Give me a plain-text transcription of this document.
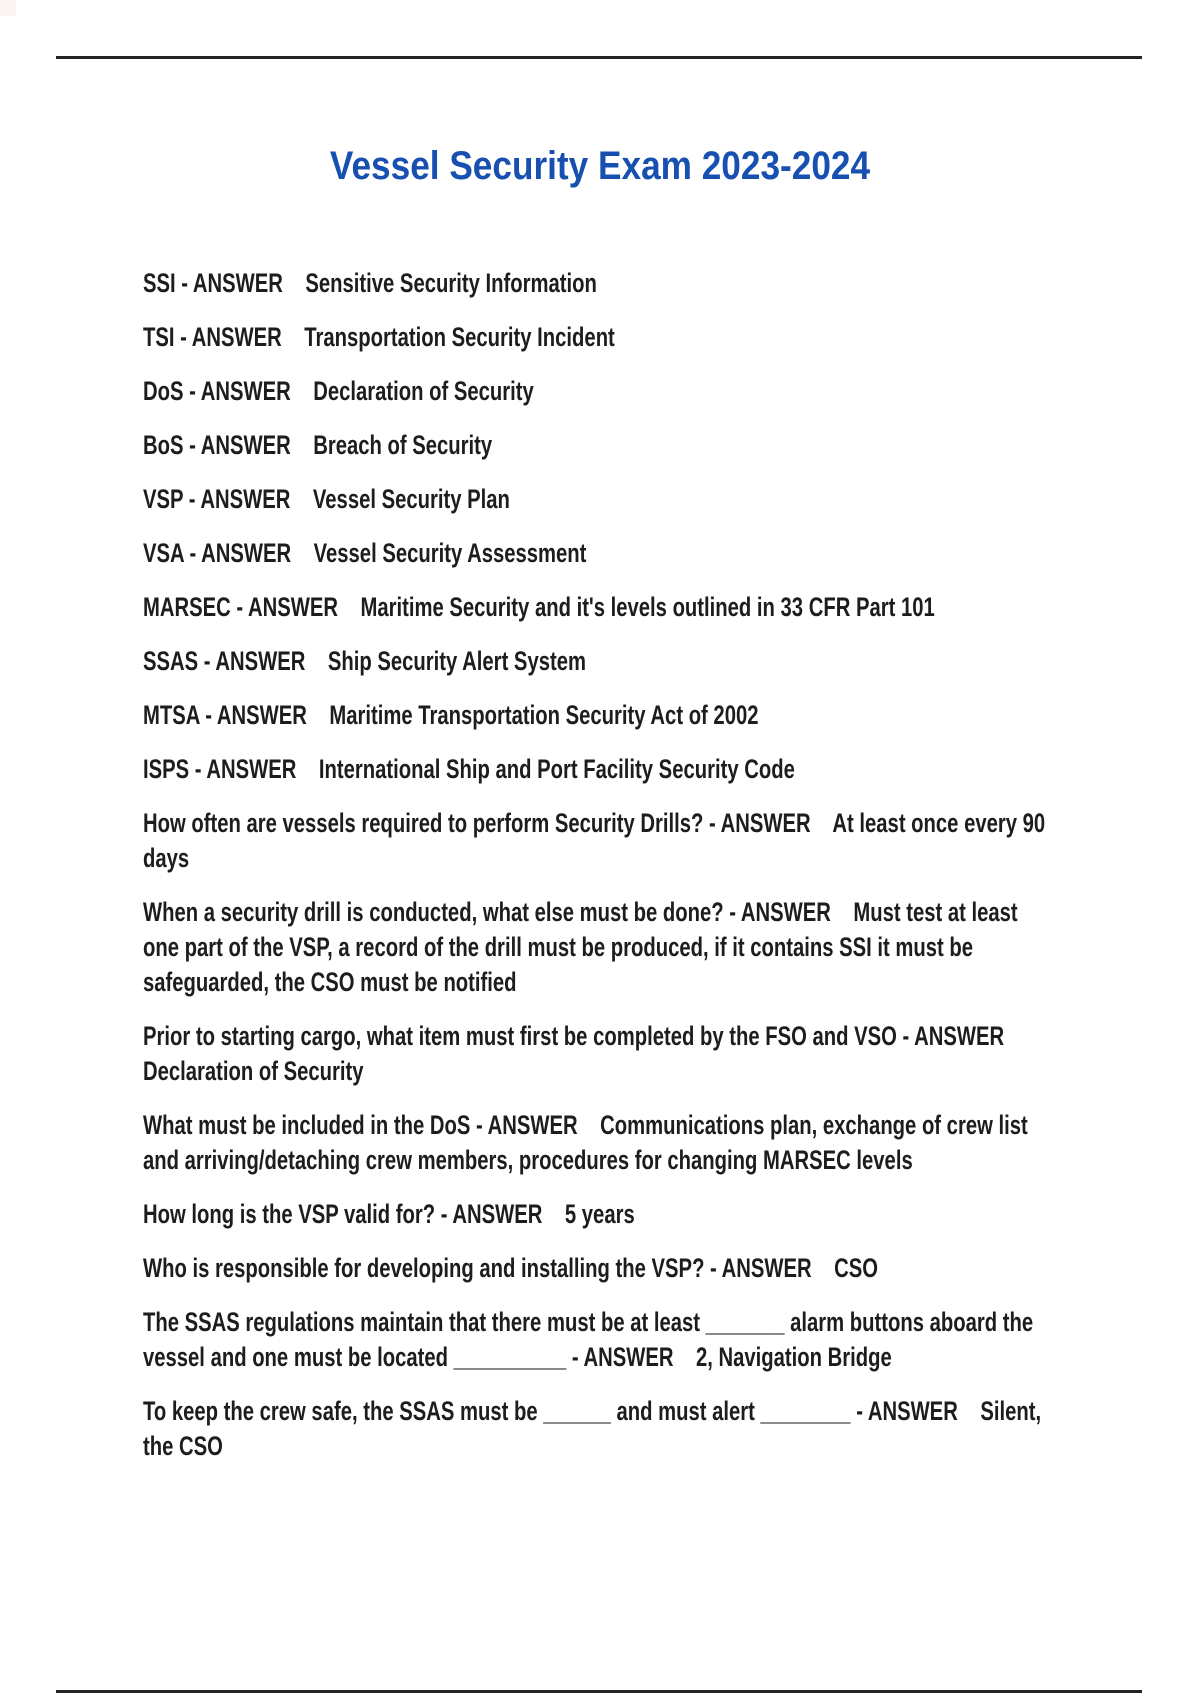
Vessel Security Exam 2023-2024
SSI - ANSWER    Sensitive Security Information
TSI - ANSWER    Transportation Security Incident
DoS - ANSWER    Declaration of Security
BoS - ANSWER    Breach of Security
VSP - ANSWER    Vessel Security Plan
VSA - ANSWER    Vessel Security Assessment
MARSEC - ANSWER    Maritime Security and it's levels outlined in 33 CFR Part 101
SSAS - ANSWER    Ship Security Alert System
MTSA - ANSWER    Maritime Transportation Security Act of 2002
ISPS - ANSWER    International Ship and Port Facility Security Code
How often are vessels required to perform Security Drills? - ANSWER    At least once every 90
days
When a security drill is conducted, what else must be done? - ANSWER    Must test at least
one part of the VSP, a record of the drill must be produced, if it contains SSI it must be
safeguarded, the CSO must be notified
Prior to starting cargo, what item must first be completed by the FSO and VSO - ANSWER
Declaration of Security
What must be included in the DoS - ANSWER    Communications plan, exchange of crew list
and arriving/detaching crew members, procedures for changing MARSEC levels
How long is the VSP valid for? - ANSWER    5 years
Who is responsible for developing and installing the VSP? - ANSWER    CSO
The SSAS regulations maintain that there must be at least _______ alarm buttons aboard the
vessel and one must be located __________ - ANSWER    2, Navigation Bridge
To keep the crew safe, the SSAS must be ______ and must alert ________ - ANSWER    Silent,
the CSO
